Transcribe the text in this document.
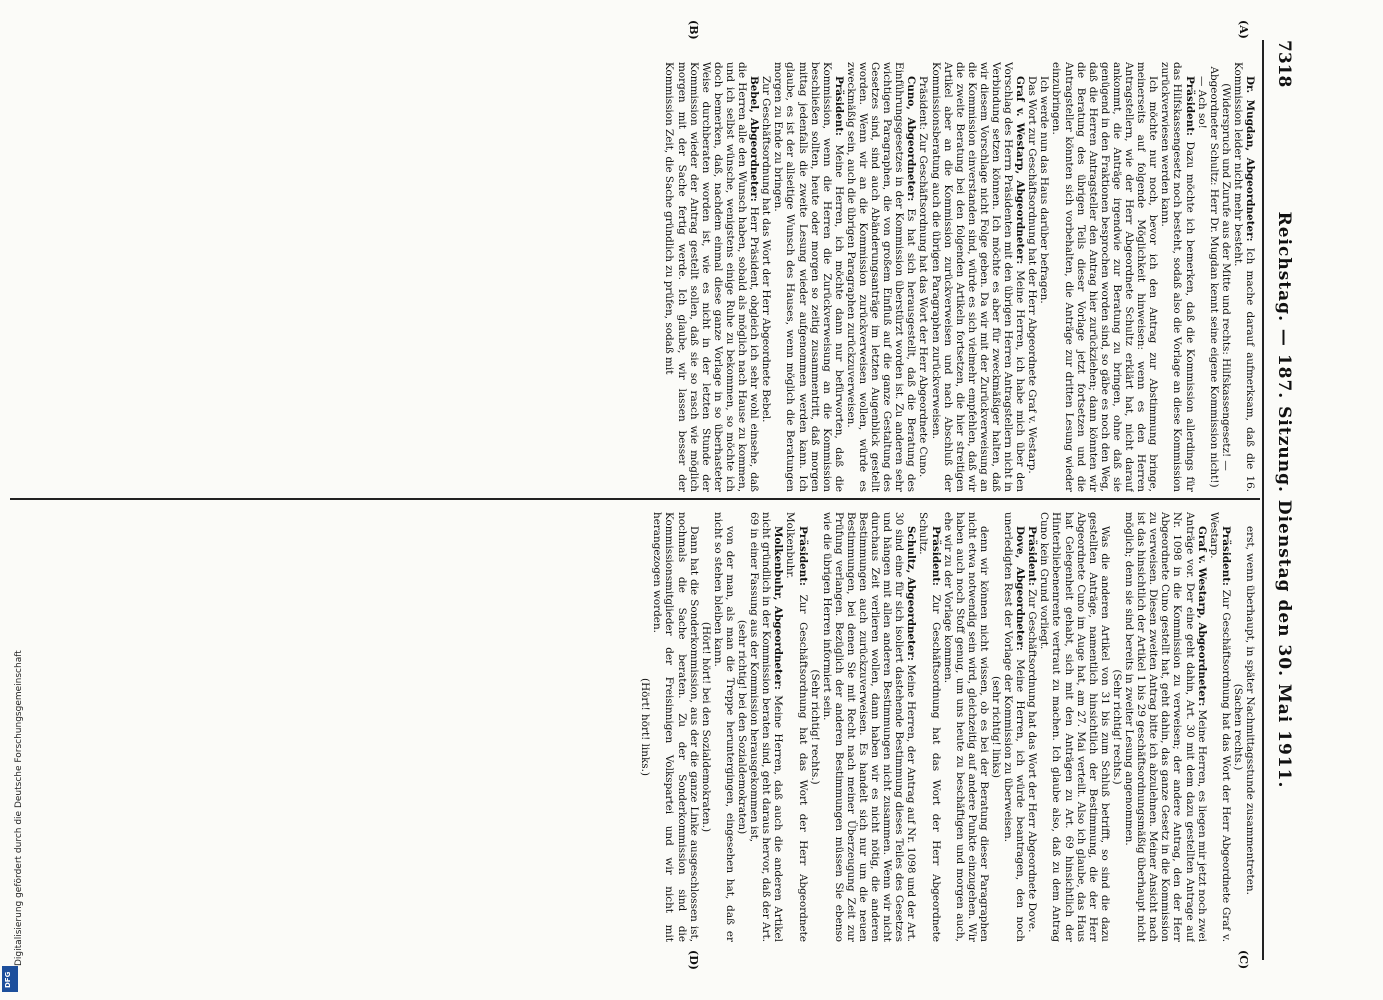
7318
Reichstag. — 187. Sitzung. Dienstag den 30. Mai 1911.
(A)
(B)
(C)
(D)

Dr. Mugdan, Abgeordneter: Ich mache darauf aufmerksam, daß die 16. Kommission leider nicht mehr besteht.

(Widerspruch und Zurufe aus der Mitte und rechts: Hilfskassengesetz! — Abgeordneter Schultz: Herr Dr. Mugdan kennt seine eigene Kommission nicht!)

— Ach so!

Präsident: Dazu möchte ich bemerken, daß die Kommission allerdings für das Hilfskassengesetz noch besteht, sodaß also die Vorlage an diese Kommission zurückverwiesen werden kann.

Ich möchte nur noch, bevor ich den Antrag zur Abstimmung bringe, meinerseits auf folgende Möglichkeit hinweisen: wenn es den Herren Antragstellern, wie der Herr Abgeordnete Schultz erklärt hat, nicht darauf ankommt, die Anträge irgendwie zur Beratung zu bringen, ohne daß sie genügend in den Fraktionen besprochen worden sind, so gäbe es noch den Weg, daß die Herren Antragsteller den Antrag hier zurückziehen; dann könnten wir die Beratung des übrigen Teils dieser Vorlage jetzt fortsetzen und die Antragsteller könnten sich vorbehalten, die Anträge zur dritten Lesung wieder einzubringen.

Ich werde nun das Haus darüber befragen.

Das Wort zur Geschäftsordnung hat der Herr Abgeordnete Graf v. Westarp.

Graf v. Westarp, Abgeordneter: Meine Herren, ich habe mich über den Vorschlag des Herrn Präsidenten mit den übrigen Herren Antragstellern nicht in Verbindung setzen können. Ich möchte es aber für zweckmäßiger halten, daß wir diesem Vorschlage nicht Folge geben. Da wir mit der Zurückverweisung an die Kommission einverstanden sind, würde es sich vielmehr empfehlen, daß wir die zweite Beratung bei den folgenden Artikeln fortsetzen, die hier streitigen Artikel aber an die Kommission zurückverweisen und nach Abschluß der Kommissionsberatung auch die übrigen Paragraphen zurückverweisen.

Präsident: Zur Geschäftsordnung hat das Wort der Herr Abgeordnete Cuno.

Cuno, Abgeordneter: Es hat sich herausgestellt, daß die Beratung des Einführungsgesetzes in der Kommission überstürzt worden ist. Zu anderen sehr wichtigen Paragraphen, die von großem Einfluß auf die ganze Gestaltung des Gesetzes sind, sind auch Abänderungsanträge im letzten Augenblick gestellt worden. Wenn wir an die Kommission zurückverweisen wollen, würde es zweckmäßig sein, auch die übrigen Paragraphen zurückzuverweisen.

Präsident: Meine Herren, ich möchte dann nur befürworten, daß die Kommission, wenn die Herren die Zurückverweisung an die Kommission beschließen sollten, heute oder morgen so zeitig zusammentritt, daß morgen mittag jedenfalls die zweite Lesung wieder aufgenommen werden kann. Ich glaube, es ist der allseitige Wunsch des Hauses, wenn möglich die Beratungen morgen zu Ende zu bringen.

Zur Geschäftsordnung hat das Wort der Herr Abgeordnete Bebel.

Bebel, Abgeordneter: Herr Präsident, obgleich ich sehr wohl einsehe, daß die Herren alle den Wunsch haben, sobald als möglich nach Hause zu kommen, und ich selbst wünsche, wenigstens einige Ruhe zu bekommen, so möchte ich doch bemerken, daß, nachdem einmal diese ganze Vorlage in so überhasteter Weise durchberaten worden ist, wie es nicht in der letzten Stunde der Kommission wieder der Antrag gestellt sollen, daß sie so rasch wie möglich morgen mit der Sache fertig werde. Ich glaube, wir lassen besser der Kommission Zeit, die Sache gründlich zu prüfen, sodaß mit

erst, wenn überhaupt, in später Nachmittagsstunde zusammentreten.

(Sachen rechts.)

Präsident: Zur Geschäftsordnung hat das Wort der Herr Abgeordnete Graf v. Westarp.

Graf v. Westarp, Abgeordneter: Meine Herren, es liegen mir jetzt noch zwei Anträge vor. Der eine geht dahin, Art. 30 mit dem dazu gestellten Antrage auf Nr. 1098 in die Kommission zu verweisen; der andere Antrag, den der Herr Abgeordnete Cuno gestellt hat, geht dahin, das ganze Gesetz in die Kommission zu verweisen. Diesen zweiten Antrag bitte ich abzulehnen. Meiner Ansicht nach ist das hinsichtlich der Artikel 1 bis 29 geschäftsordnungsmäßig überhaupt nicht möglich; denn sie sind bereits in zweiter Lesung angenommen.

(Sehr richtig! rechts.)

Was die anderen Artikel von 31 bis zum Schluß betrifft, so sind die dazu gestellten Anträge, namentlich hinsichtlich der Bestimmung, die der Herr Abgeordnete Cuno im Auge hat, am 27. Mai verteilt. Also ich glaube, das Haus hat Gelegenheit gehabt, sich mit den Anträgen zu Art. 69 hinsichtlich der Hinterbliebenenrente vertraut zu machen. Ich glaube also, daß zu dem Antrag Cuno kein Grund vorliegt.

Präsident: Zur Geschäftsordnung hat das Wort der Herr Abgeordnete Dove.

Dove, Abgeordneter: Meine Herren, ich würde beantragen, den noch unerledigten Rest der Vorlage der Kommission zu überweisen.

(sehr richtig! links)

denn wir können nicht wissen, ob es bei der Beratung dieser Paragraphen nicht etwa notwendig sein wird, gleichzeitig auf andere Punkte einzugehen. Wir haben auch noch Stoff genug, um uns heute zu beschäftigen und morgen auch, ehe wir zu der Vorlage kommen.

Präsident: Zur Geschäftsordnung hat das Wort der Herr Abgeordnete Schultz.

Schultz, Abgeordneter: Meine Herren, der Antrag auf Nr. 1098 und der Art. 30 sind eine für sich isoliert dastehende Bestimmung dieses Teiles des Gesetzes und hängen mit allen anderen Bestimmungen nicht zusammen. Wenn wir nicht durchaus Zeit verlieren wollen, dann haben wir es nicht nötig, die anderen Bestimmungen auch zurückzuverweisen. Es handelt sich nur um die neuen Bestimmungen, bei denen Sie mit Recht nach meiner Überzeugung Zeit zur Prüfung verlangen. Bezüglich der anderen Bestimmungen müssen Sie ebenso wie die übrigen Herren informiert sein.

(Sehr richtig! rechts.)

Präsident: Zur Geschäftsordnung hat das Wort der Herr Abgeordnete Molkenbuhr.

Molkenbuhr, Abgeordneter: Meine Herren, daß auch die anderen Artikel nicht gründlich in der Kommission beraten sind, geht daraus hervor, daß der Art. 69 in einer Fassung aus der Kommission herausgekommen ist,

(sehr richtig! bei den Sozialdemokraten)

von der man, als man die Treppe heruntergingen, eingesehen hat, daß er nicht so stehen bleiben kann.

(Hört! hört! bei den Sozialdemokraten.)

Dann hat die Sonderkommission, aus der die ganze Linke ausgeschlossen ist, nochmals die Sache beraten. Zu der Sonderkommission sind die Kommissionsmitglieder der Freisinnigen Volkspartei und wir nicht mit herangezogen worden.

(Hört! hört! links.)

Digitalisierung gefördert durch die Deutsche Forschungsgemeinschaft
DFG
